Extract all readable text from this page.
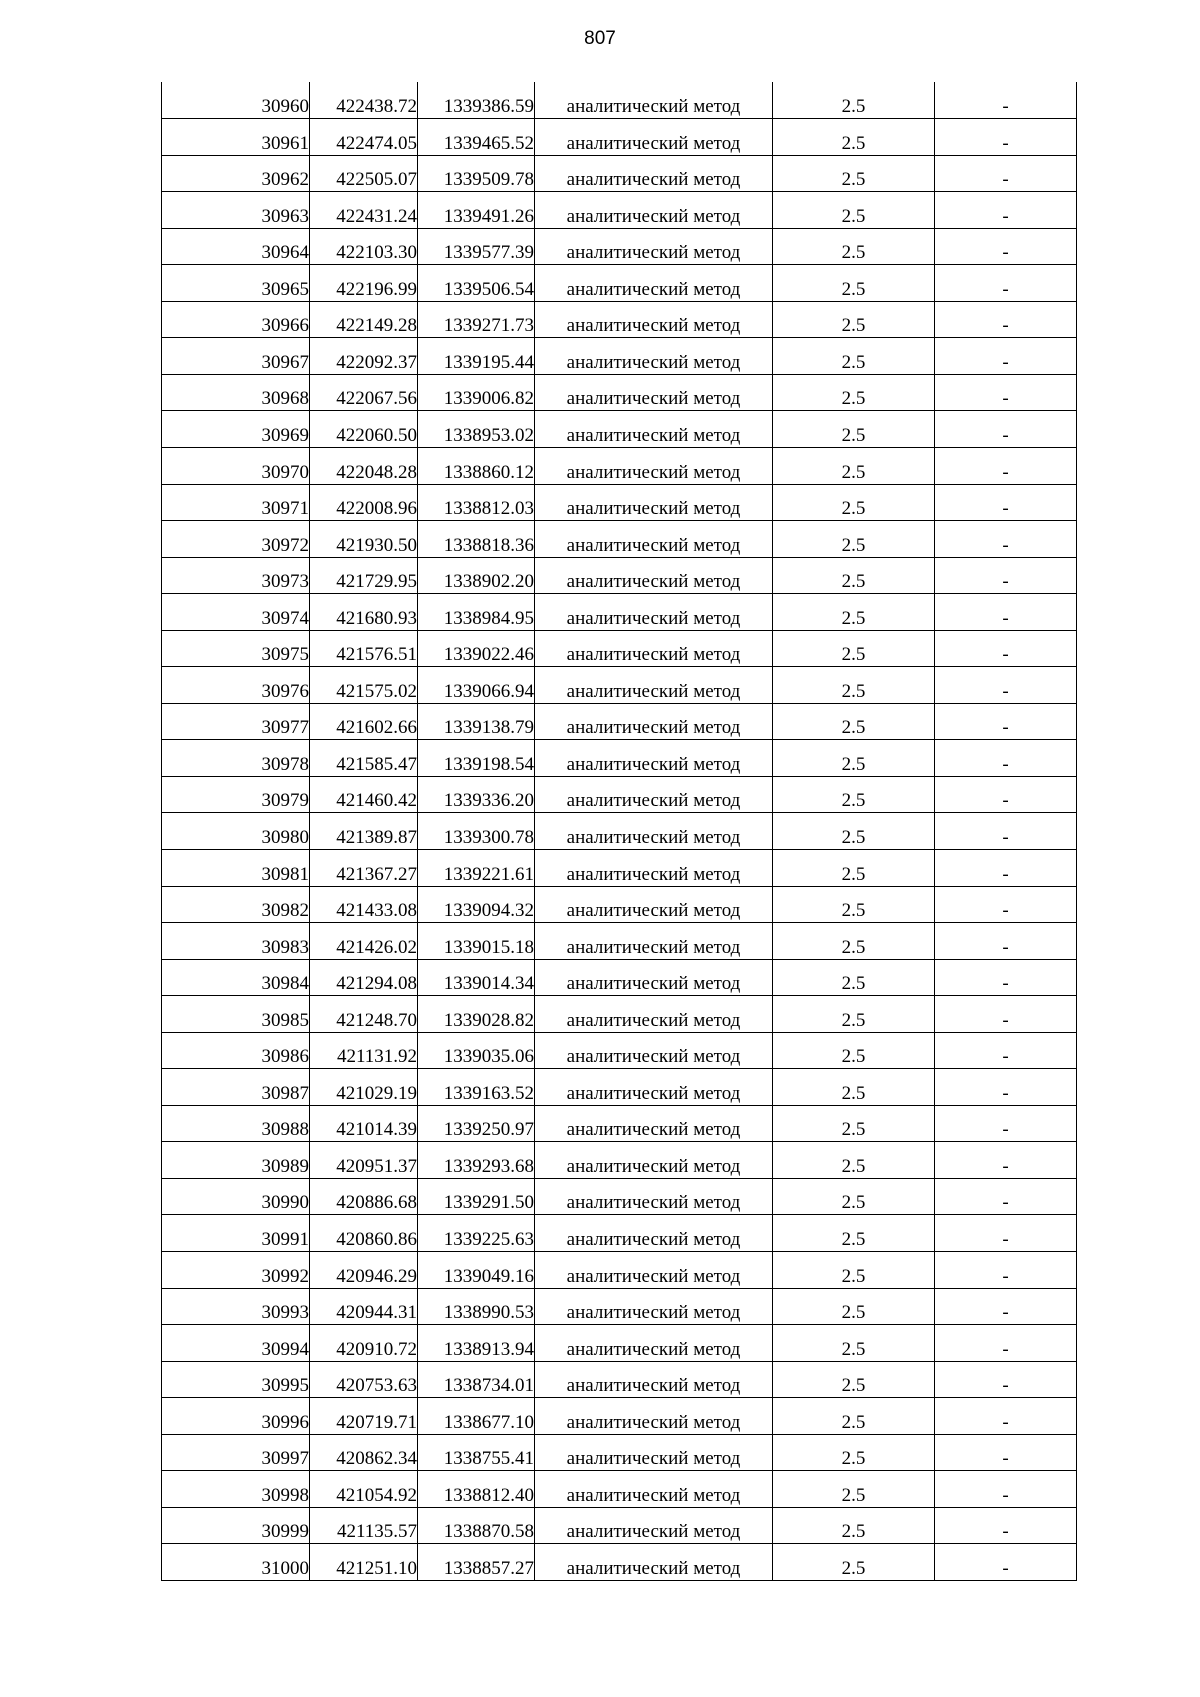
807
30960	422438.72	1339386.59	аналитический метод	2.5	-
30961	422474.05	1339465.52	аналитический метод	2.5	-
30962	422505.07	1339509.78	аналитический метод	2.5	-
30963	422431.24	1339491.26	аналитический метод	2.5	-
30964	422103.30	1339577.39	аналитический метод	2.5	-
30965	422196.99	1339506.54	аналитический метод	2.5	-
30966	422149.28	1339271.73	аналитический метод	2.5	-
30967	422092.37	1339195.44	аналитический метод	2.5	-
30968	422067.56	1339006.82	аналитический метод	2.5	-
30969	422060.50	1338953.02	аналитический метод	2.5	-
30970	422048.28	1338860.12	аналитический метод	2.5	-
30971	422008.96	1338812.03	аналитический метод	2.5	-
30972	421930.50	1338818.36	аналитический метод	2.5	-
30973	421729.95	1338902.20	аналитический метод	2.5	-
30974	421680.93	1338984.95	аналитический метод	2.5	-
30975	421576.51	1339022.46	аналитический метод	2.5	-
30976	421575.02	1339066.94	аналитический метод	2.5	-
30977	421602.66	1339138.79	аналитический метод	2.5	-
30978	421585.47	1339198.54	аналитический метод	2.5	-
30979	421460.42	1339336.20	аналитический метод	2.5	-
30980	421389.87	1339300.78	аналитический метод	2.5	-
30981	421367.27	1339221.61	аналитический метод	2.5	-
30982	421433.08	1339094.32	аналитический метод	2.5	-
30983	421426.02	1339015.18	аналитический метод	2.5	-
30984	421294.08	1339014.34	аналитический метод	2.5	-
30985	421248.70	1339028.82	аналитический метод	2.5	-
30986	421131.92	1339035.06	аналитический метод	2.5	-
30987	421029.19	1339163.52	аналитический метод	2.5	-
30988	421014.39	1339250.97	аналитический метод	2.5	-
30989	420951.37	1339293.68	аналитический метод	2.5	-
30990	420886.68	1339291.50	аналитический метод	2.5	-
30991	420860.86	1339225.63	аналитический метод	2.5	-
30992	420946.29	1339049.16	аналитический метод	2.5	-
30993	420944.31	1338990.53	аналитический метод	2.5	-
30994	420910.72	1338913.94	аналитический метод	2.5	-
30995	420753.63	1338734.01	аналитический метод	2.5	-
30996	420719.71	1338677.10	аналитический метод	2.5	-
30997	420862.34	1338755.41	аналитический метод	2.5	-
30998	421054.92	1338812.40	аналитический метод	2.5	-
30999	421135.57	1338870.58	аналитический метод	2.5	-
31000	421251.10	1338857.27	аналитический метод	2.5	-
